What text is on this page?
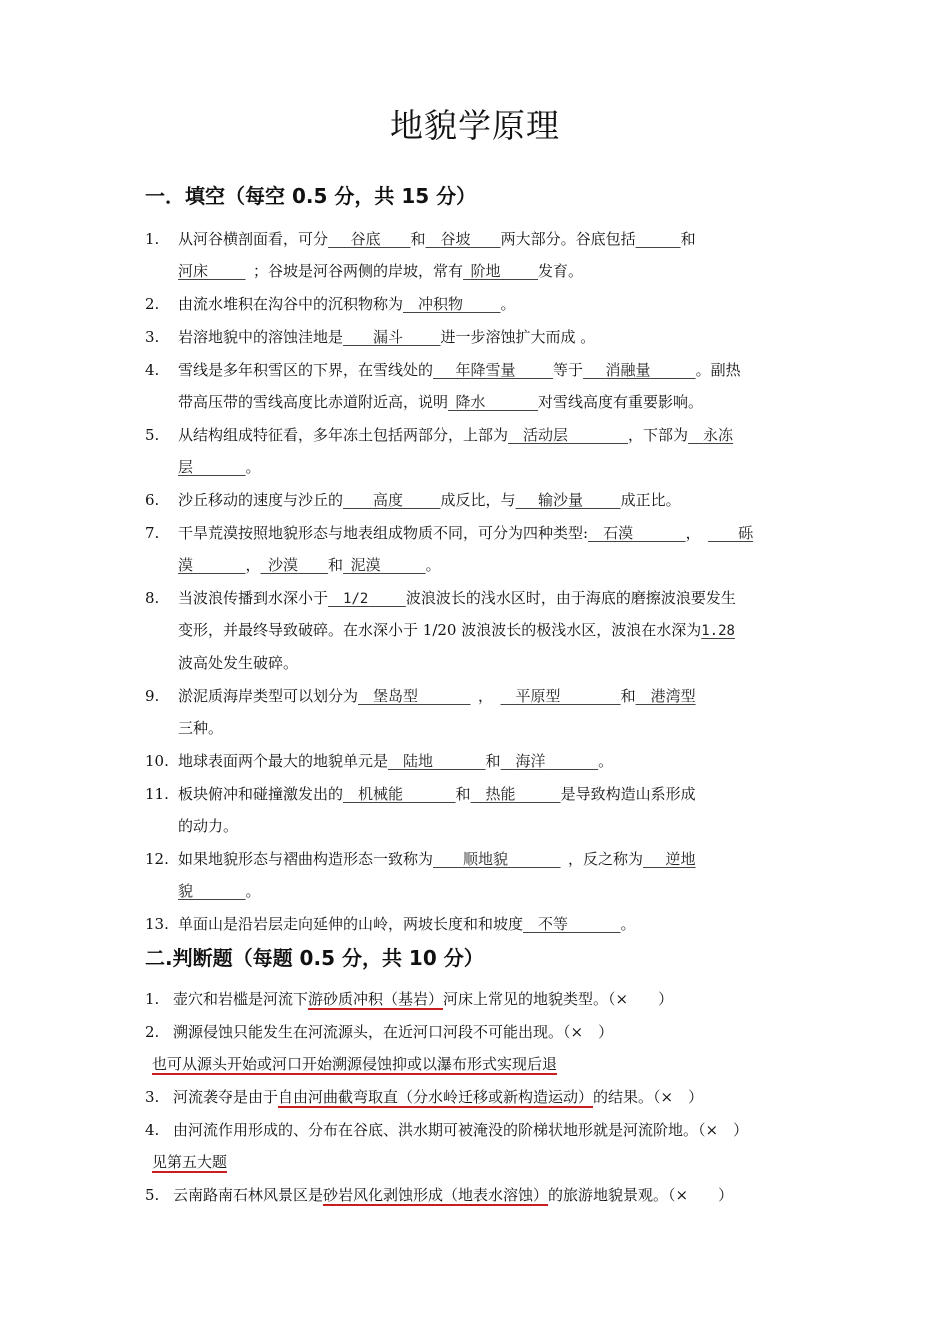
地貌学原理
一．填空（每空 0.5 分，共 15 分）
1. 从河谷横剖面看，可分    谷底     和   谷坡     两大部分。谷底包括      	和
河床      	；谷坡是河谷两侧的岸坡，常有  阶地     	发育。
2. 由流水堆积在沟谷中的沉积物称为   冲积物     	。
3. 岩溶地貌中的溶蚀洼地是     漏斗     	进一步溶蚀扩大而成 。
4. 雪线是多年积雪区的下界，在雪线处的    年降雪量     	等于    消融量      	。副热
带高压带的雪线高度比赤道附近高，说明  降水       	对雪线高度有重要影响。
5. 从结构组成特征看，多年冻土包括两部分，上部为   活动层        	，下部为   永冻
层       	。
6. 沙丘移动的速度与沙丘的     高度     	成反比，与    输沙量     	成正比。
7. 干旱荒漠按照地貌形态与地表组成物质不同，可分为四种类型:   石漠       	，     	砾
漠       	，  沙漠     和  泥漠      	。
8. 当波浪传播到水深小于   1/2     	波浪波长的浅水区时，由于海底的磨擦波浪要发生
变形，并最终导致破碎。在水深小于 1/20 波浪波长的极浅水区，波浪在水深为1.28
波高处发生破碎。
9. 淤泥质海岸类型可以划分为   堡岛型        	，    平原型        	和   港湾型
三种。
10. 地球表面两个最大的地貌单元是   陆地       	和   海洋       	。
11. 板块俯冲和碰撞激发出的   机械能       	和   热能      	是导致构造山系形成
的动力。
12. 如果地貌形态与褶曲构造形态一致称为     顺地貌        	，反之称为    逆地
貌       	。
13. 单面山是沿岩层走向延伸的山岭，两坡长度和和坡度   不等       	。
二.判断题（每题 0.5 分，共 10 分）
1. 壶穴和岩槛是河流下游砂质冲积（基岩）河床上常见的地貌类型。（×　　）
2. 溯源侵蚀只能发生在河流源头，在近河口河段不可能出现。（×　）
也可从源头开始或河口开始溯源侵蚀抑或以瀑布形式实现后退
3. 河流袭夺是由于自由河曲截弯取直（分水岭迁移或新构造运动）的结果。（×　）
4. 由河流作用形成的、分布在谷底、洪水期可被淹没的阶梯状地形就是河流阶地。（×　）
见第五大题
5. 云南路南石林风景区是砂岩风化剥蚀形成（地表水溶蚀）的旅游地貌景观。（×　　）
